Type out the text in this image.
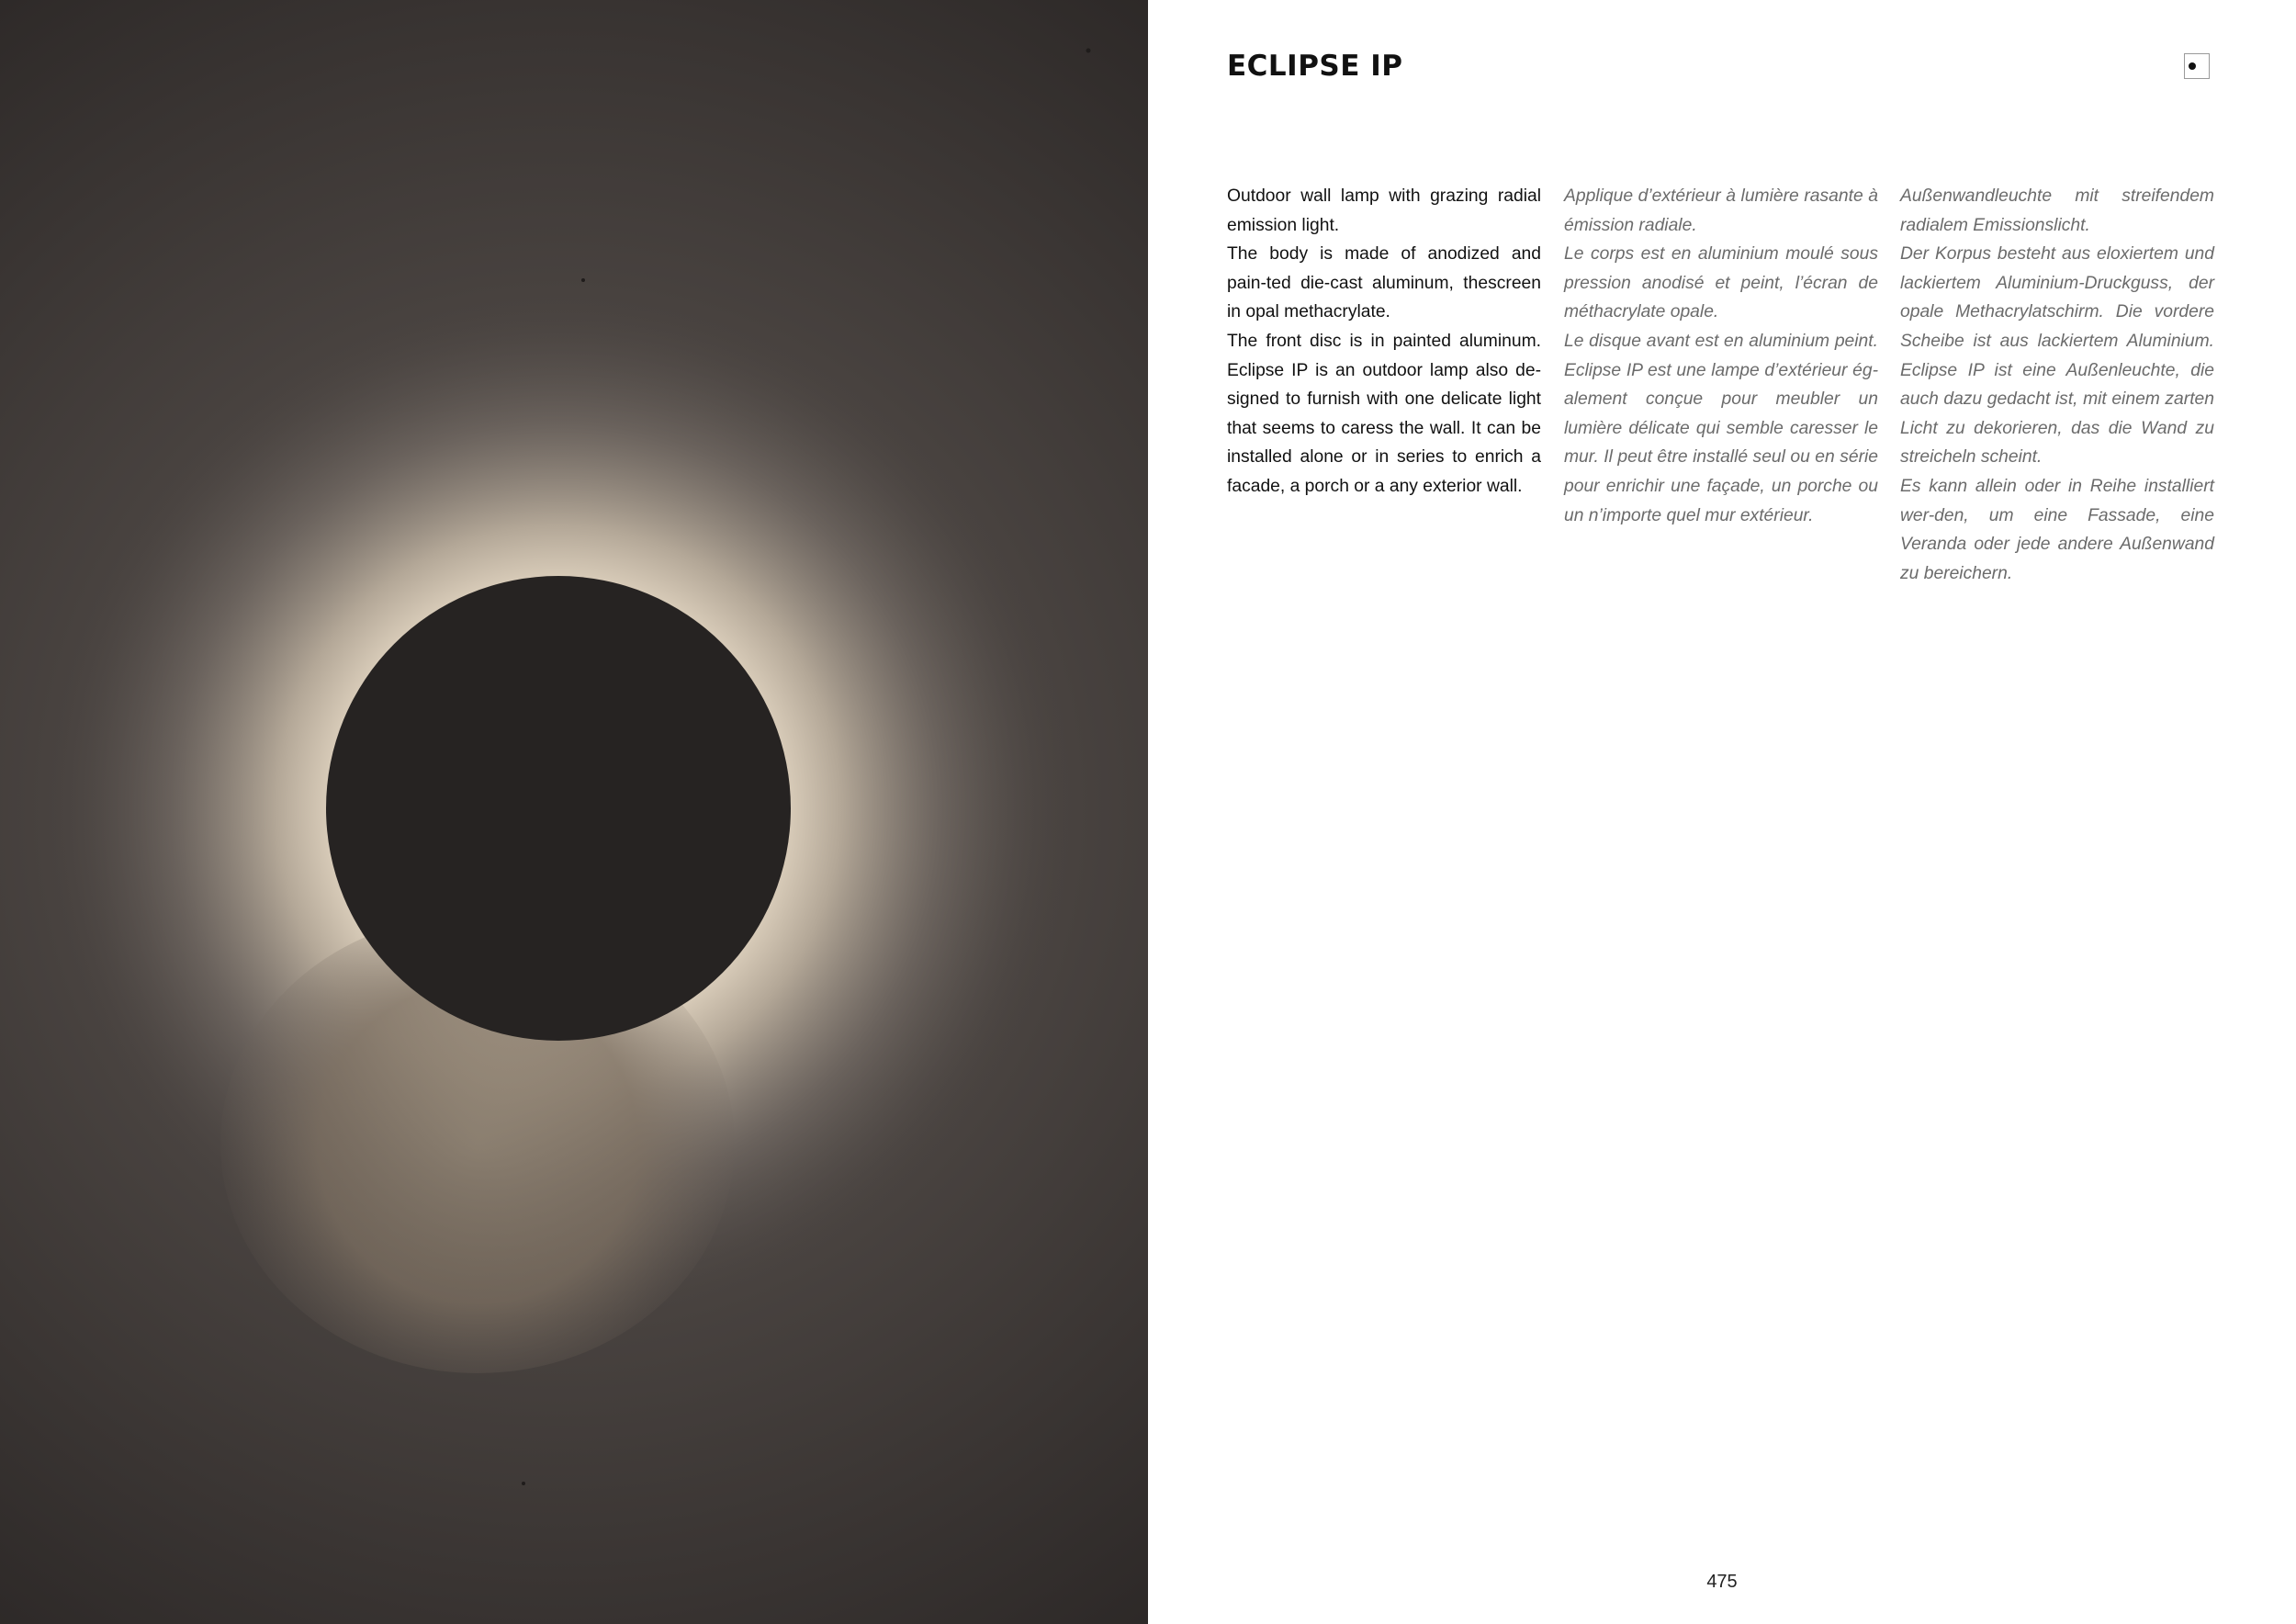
ECLIPSE IP

Outdoor wall lamp with grazing radial emission light.

The body is made of anodized and pain-ted die-cast aluminum, thescreen in opal methacrylate.

The front disc is in painted aluminum. Eclipse IP is an outdoor lamp also de-signed to furnish with one delicate light that seems to caress the wall. It can be installed alone or in series to enrich a facade, a porch or a any exterior wall.

Applique d’extérieur à lumière rasante à émission radiale.

Le corps est en aluminium moulé sous pression anodisé et peint, l’écran de méthacrylate opale.

Le disque avant est en aluminium peint. Eclipse IP est une lampe d’extérieur ég-alement conçue pour meubler un lumière délicate qui semble caresser le mur. Il peut être installé seul ou en série pour enrichir une façade, un porche ou un n’importe quel mur extérieur.

Außenwandleuchte mit streifendem radialem Emissionslicht.

Der Korpus besteht aus eloxiertem und lackiertem Aluminium-Druckguss, der opale Methacrylatschirm. Die vordere Scheibe ist aus lackiertem Aluminium. Eclipse IP ist eine Außenleuchte, die auch dazu gedacht ist, mit einem zarten Licht zu dekorieren, das die Wand zu streicheln scheint.

Es kann allein oder in Reihe installiert wer-den, um eine Fassade, eine Veranda oder jede andere Außenwand zu bereichern.

475
